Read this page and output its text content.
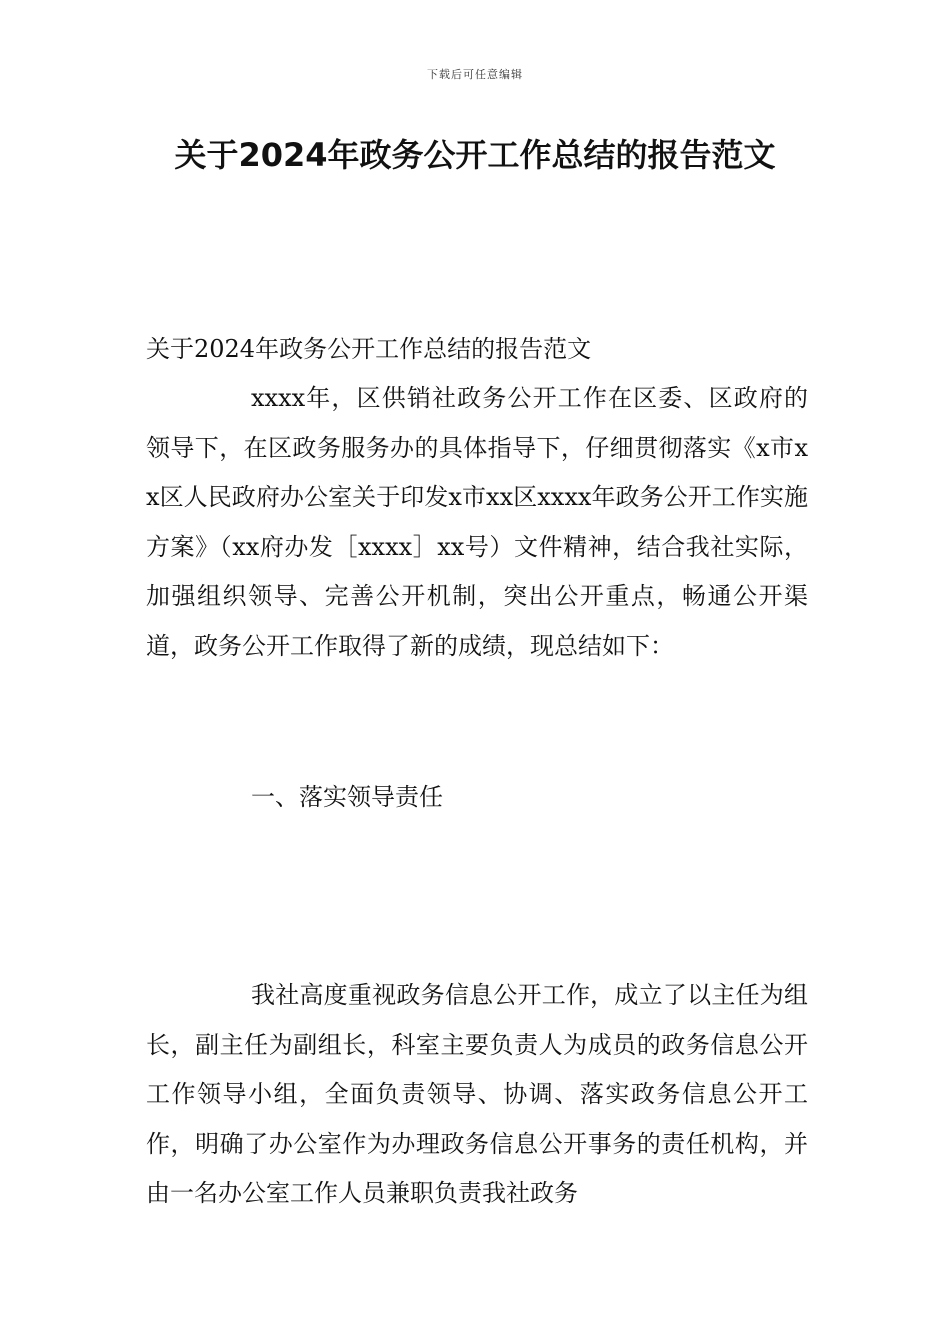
下载后可任意编辑
关于2024年政务公开工作总结的报告范文
关于2024年政务公开工作总结的报告范文
xxxx年，区供销社政务公开工作在区委、区政府的领导下，在区政务服务办的具体指导下，仔细贯彻落实《x市xx区人民政府办公室关于印发x市xx区xxxx年政务公开工作实施方案》（xx府办发［xxxx］xx号）文件精神，结合我社实际，加强组织领导、完善公开机制，突出公开重点，畅通公开渠道，政务公开工作取得了新的成绩，现总结如下：
一、落实领导责任
我社高度重视政务信息公开工作，成立了以主任为组长，副主任为副组长，科室主要负责人为成员的政务信息公开工作领导小组，全面负责领导、协调、落实政务信息公开工作，明确了办公室作为办理政务信息公开事务的责任机构，并由一名办公室工作人员兼职负责我社政务
